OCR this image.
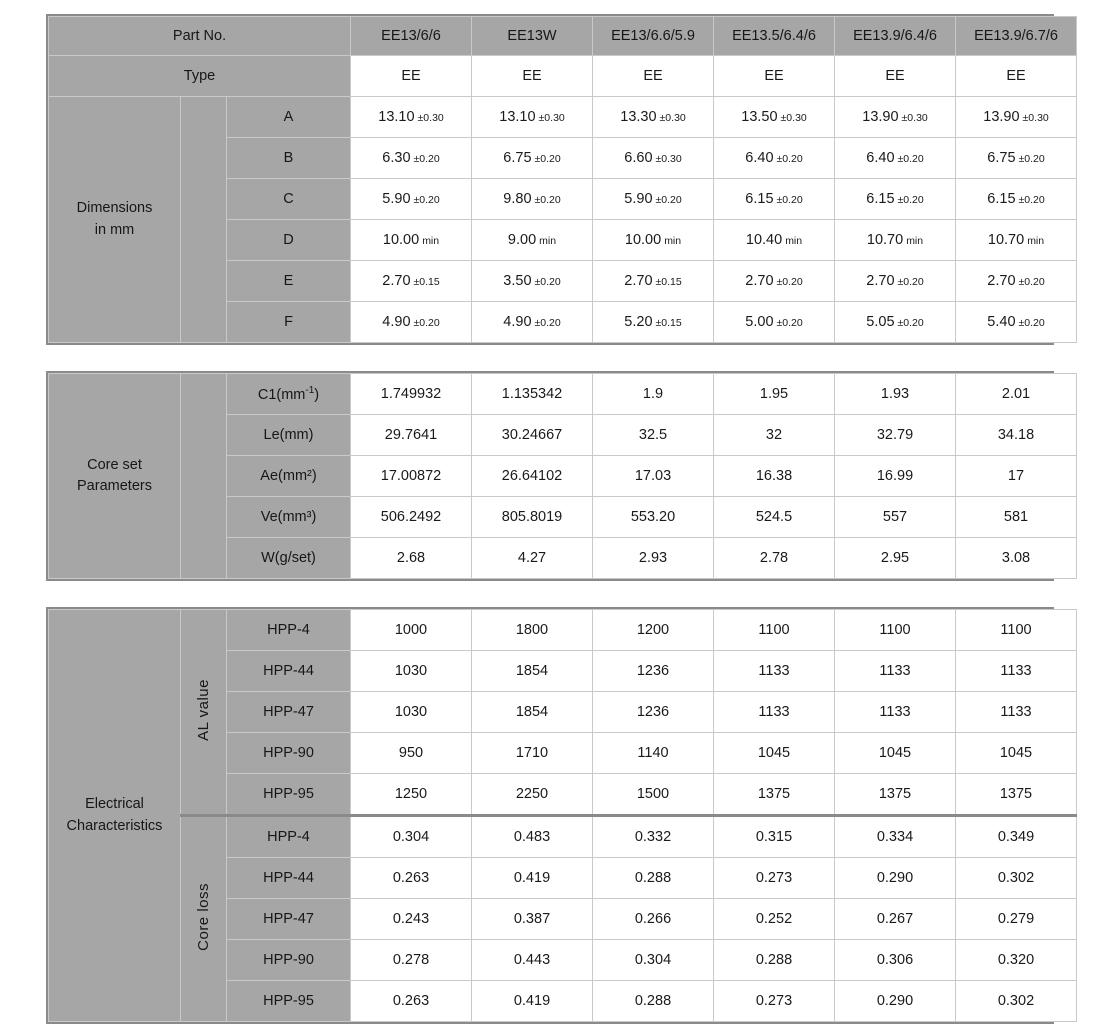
Part No.			EE13/6/6	EE13W	EE13/6.6/5.9	EE13.5/6.4/6	EE13.9/6.4/6	EE13.9/6.7/6
Type			EE	EE	EE	EE	EE	EE

Dimensions
in mm		A	13.10 ±0.30	13.10 ±0.30	13.30 ±0.30	13.50 ±0.30	13.90 ±0.30	13.90 ±0.30
		B	6.30 ±0.20	6.75 ±0.20	6.60 ±0.30	6.40 ±0.20	6.40 ±0.20	6.75 ±0.20
		C	5.90 ±0.20	9.80 ±0.20	5.90 ±0.20	6.15 ±0.20	6.15 ±0.20	6.15 ±0.20
		D	10.00 min	9.00 min	10.00 min	10.40 min	10.70 min	10.70 min
		E	2.70 ±0.15	3.50 ±0.20	2.70 ±0.15	2.70 ±0.20	2.70 ±0.20	2.70 ±0.20
		F	4.90 ±0.20	4.90 ±0.20	5.20 ±0.15	5.00 ±0.20	5.05 ±0.20	5.40 ±0.20
Core set
Parameters		$C1(mm^{-1})$	1.749932	1.135342	1.9	1.95	1.93	2.01
		Le(mm)	29.7641	30.24667	32.5	32	32.79	34.18
		Ae(mm²)	17.00872	26.64102	17.03	16.38	16.99	17
		Ve(mm³)	506.2492	805.8019	553.20	524.5	557	581
		W(g/set)	2.68	4.27	2.93	2.78	2.95	3.08
Electrical
Characteristics	AL value	HPP-4	1000	1800	1200	1100	1100	1100
		HPP-44	1030	1854	1236	1133	1133	1133
		HPP-47	1030	1854	1236	1133	1133	1133
		HPP-90	950	1710	1140	1045	1045	1045
		HPP-95	1250	2250	1500	1375	1375	1375
	Core loss	HPP-4	0.304	0.483	0.332	0.315	0.334	0.349
		HPP-44	0.263	0.419	0.288	0.273	0.290	0.302
		HPP-47	0.243	0.387	0.266	0.252	0.267	0.279
		HPP-90	0.278	0.443	0.304	0.288	0.306	0.320
		HPP-95	0.263	0.419	0.288	0.273	0.290	0.302
